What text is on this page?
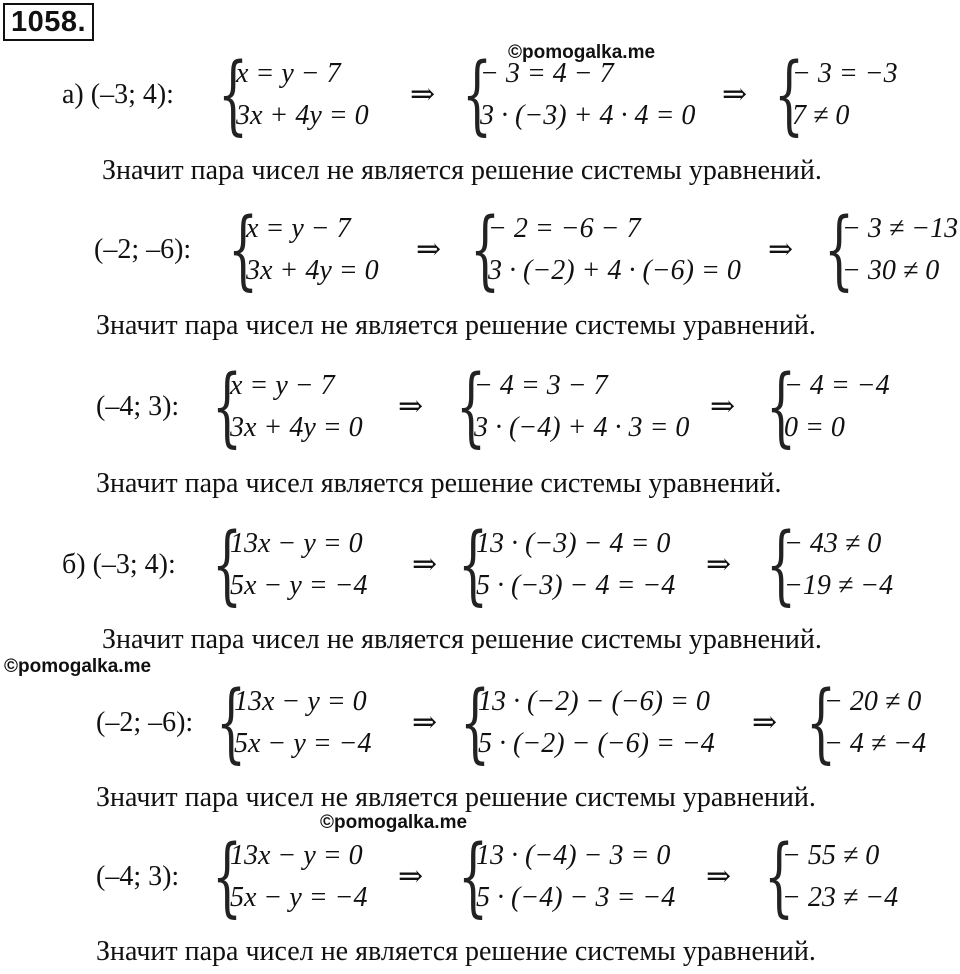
1058.
©pomogalka.me
©pomogalka.me
©pomogalka.me
а) (–3; 4): {
x = y − 7
3x + 4y = 0
⇒ {
− 3 = 4 − 7
3 · (−3) + 4 · 4 = 0
⇒ {
− 3 = −3
7 ≠ 0
Значит пара чисел не является решение системы уравнений.
(–2; –6): {
x = y − 7
3x + 4y = 0
⇒ {
− 2 = −6 − 7
3 · (−2) + 4 · (−6) = 0
⇒ {
− 3 ≠ −13
− 30 ≠ 0
Значит пара чисел не является решение системы уравнений.
(–4; 3): {
x = y − 7
3x + 4y = 0
⇒ {
− 4 = 3 − 7
3 · (−4) + 4 · 3 = 0
⇒ {
− 4 = −4
0 = 0
Значит пара чисел является решение системы уравнений.
б) (–3; 4): {
13x − y = 0
5x − y = −4
⇒ {
13 · (−3) − 4 = 0
5 · (−3) − 4 = −4
⇒ {
− 43 ≠ 0
−19 ≠ −4
Значит пара чисел не является решение системы уравнений.
(–2; –6): {
13x − y = 0
5x − y = −4
⇒ {
13 · (−2) − (−6) = 0
5 · (−2) − (−6) = −4
⇒ {
− 20 ≠ 0
− 4 ≠ −4
Значит пара чисел не является решение системы уравнений.
(–4; 3): {
13x − y = 0
5x − y = −4
⇒ {
13 · (−4) − 3 = 0
5 · (−4) − 3 = −4
⇒ {
− 55 ≠ 0
− 23 ≠ −4
Значит пара чисел не является решение системы уравнений.
